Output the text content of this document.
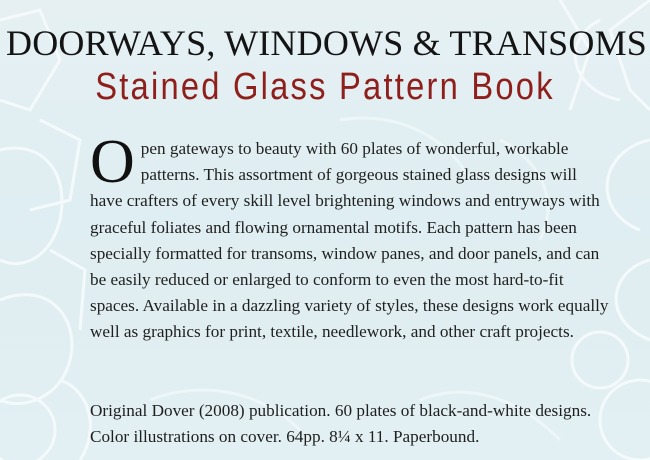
DOORWAYS, WINDOWS & TRANSOMS
Stained Glass Pattern Book
O pen gateways to beauty with 60 plates of wonderful, workable patterns. This assortment of gorgeous stained glass designs will have crafters of every skill level brightening windows and entryways with graceful foliates and flowing ornamental motifs. Each pattern has been specially formatted for transoms, window panes, and door panels, and can be easily reduced or enlarged to conform to even the most hard-to-fit spaces. Available in a dazzling variety of styles, these designs work equally well as graphics for print, textile, needlework, and other craft projects.
Original Dover (2008) publication. 60 plates of black-and-white designs. Color illustrations on cover. 64pp. 8¼ x 11. Paperbound.
